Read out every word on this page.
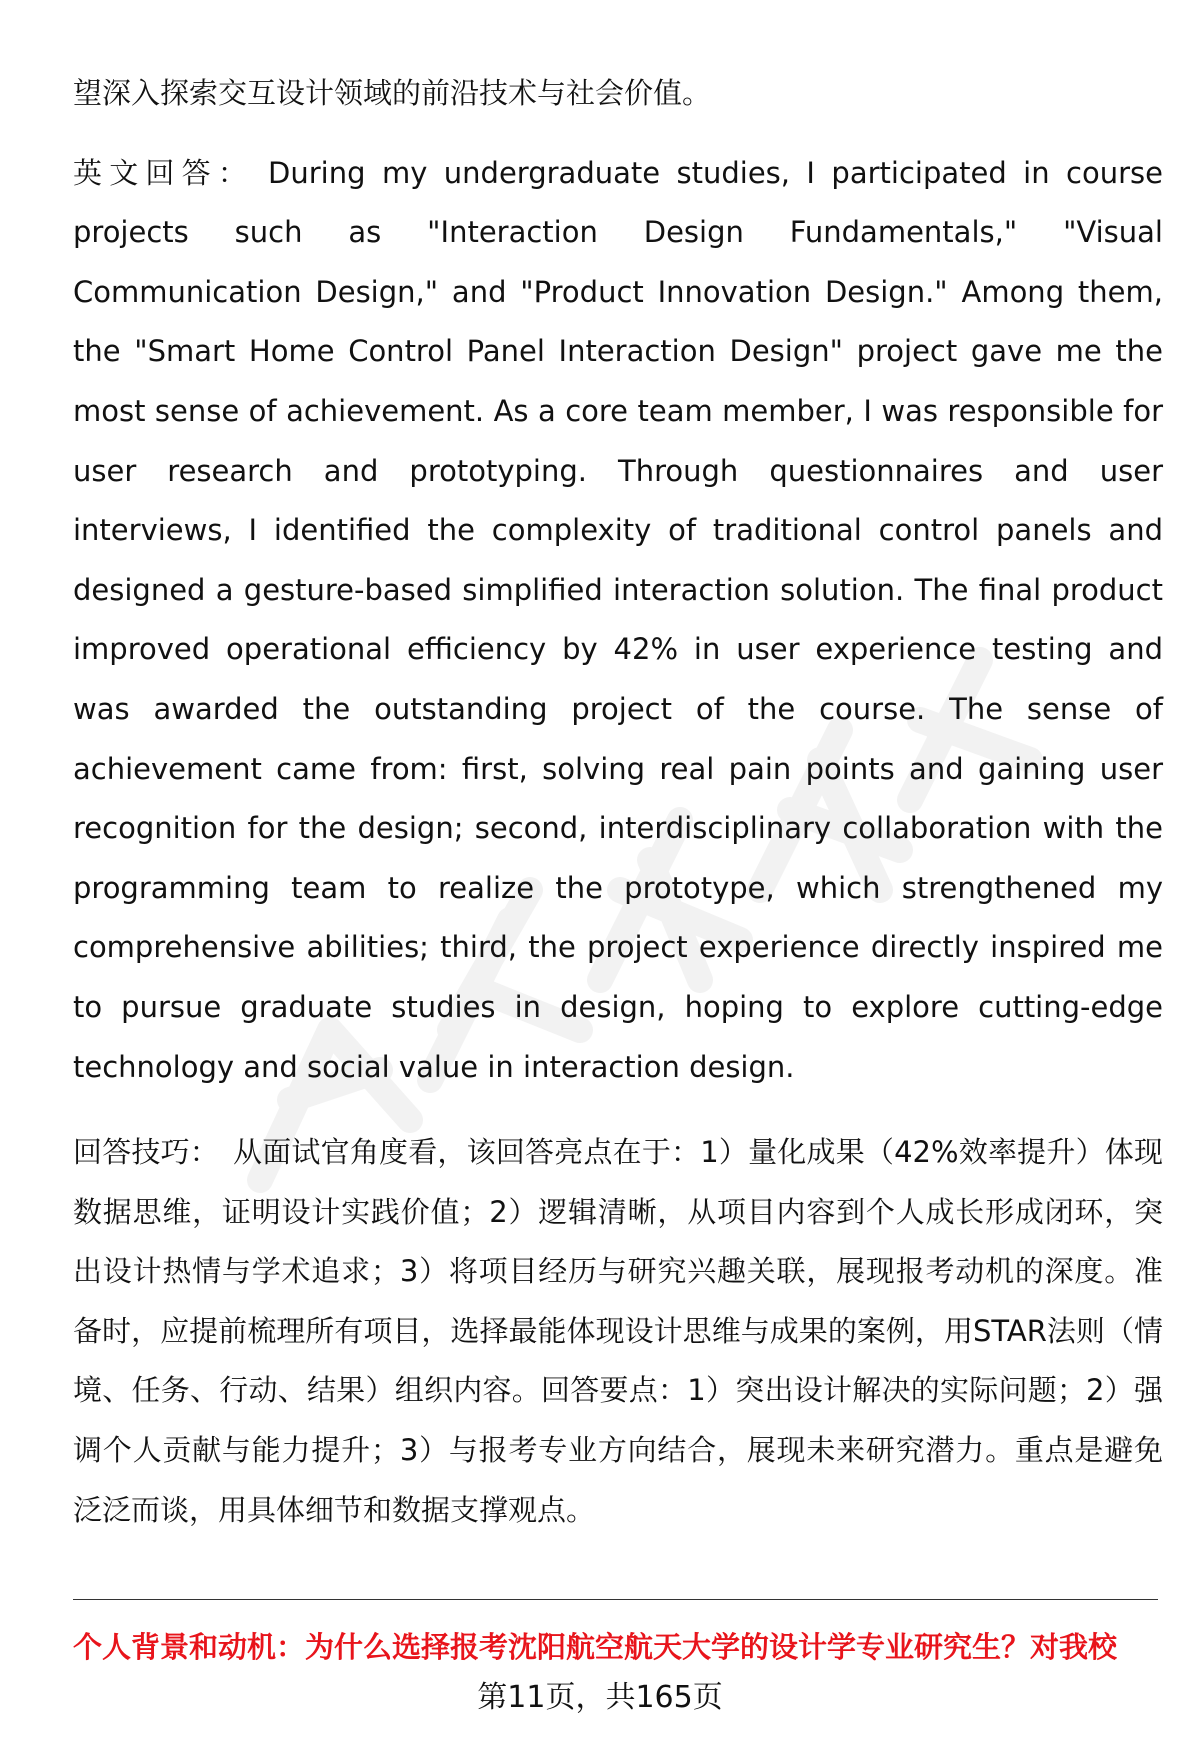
望深入探索交互设计领域的前沿技术与社会价值。

英文回答： During my undergraduate studies, I participated in course projects such as "Interaction Design Fundamentals," "Visual Communication Design," and "Product Innovation Design." Among them, the "Smart Home Control Panel Interaction Design" project gave me the most sense of achievement. As a core team member, I was responsible for user research and prototyping. Through questionnaires and user interviews, I identified the complexity of traditional control panels and designed a gesture-based simplified interaction solution. The final product improved operational efficiency by 42% in user experience testing and was awarded the outstanding project of the course. The sense of achievement came from: first, solving real pain points and gaining user recognition for the design; second, interdisciplinary collaboration with the programming team to realize the prototype, which strengthened my comprehensive abilities; third, the project experience directly inspired me to pursue graduate studies in design, hoping to explore cutting-edge technology and social value in interaction design.

回答技巧： 从面试官角度看，该回答亮点在于：1）量化成果（42%效率提升）体现数据思维，证明设计实践价值；2）逻辑清晰，从项目内容到个人成长形成闭环，突出设计热情与学术追求；3）将项目经历与研究兴趣关联，展现报考动机的深度。准备时，应提前梳理所有项目，选择最能体现设计思维与成果的案例，用STAR法则（情境、任务、行动、结果）组织内容。回答要点：1）突出设计解决的实际问题；2）强调个人贡献与能力提升；3）与报考专业方向结合，展现未来研究潜力。重点是避免泛泛而谈，用具体细节和数据支撑观点。

个人背景和动机：为什么选择报考沈阳航空航天大学的设计学专业研究生？对我校
第11页，共165页
